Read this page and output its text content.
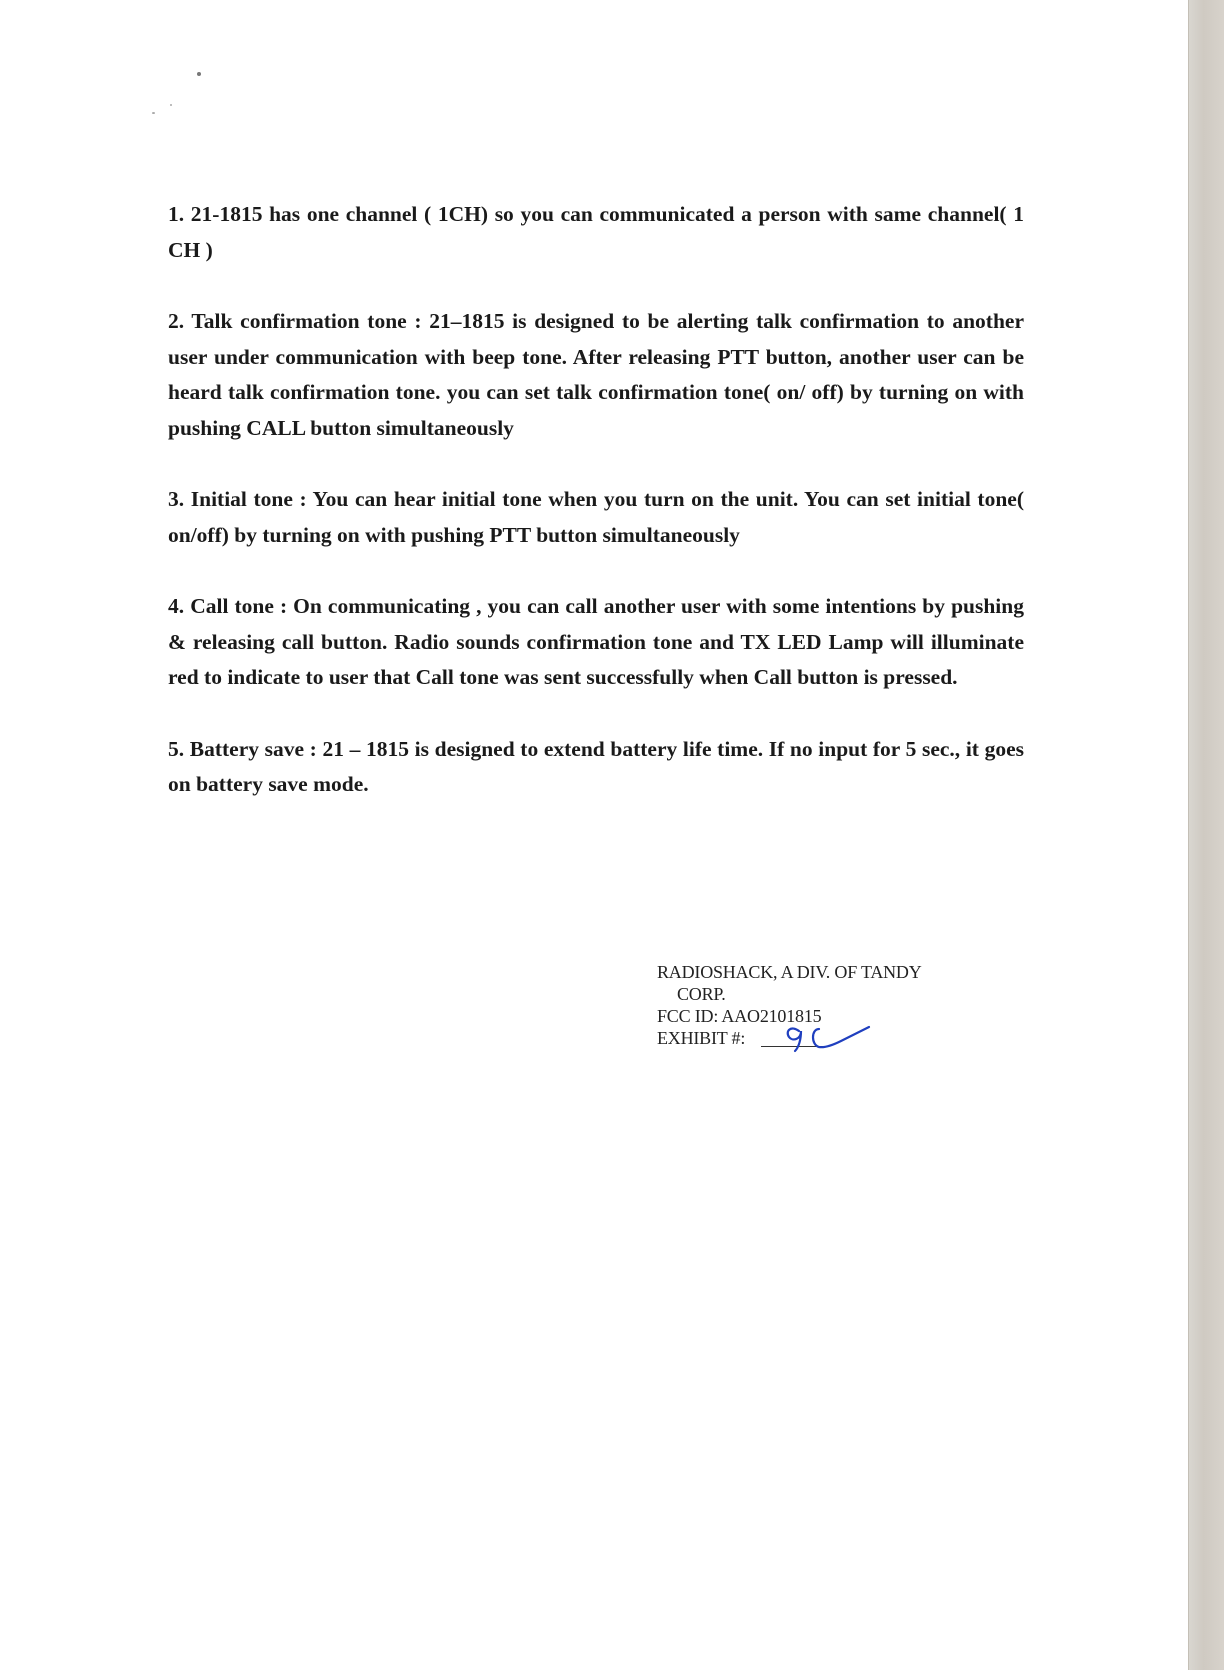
1. 21-1815 has one channel ( 1CH) so you can communicated a person with same channel( 1 CH )

2. Talk confirmation tone : 21–1815 is designed to be alerting talk confirmation to another user under communication with beep tone. After releasing PTT button, another user can be heard talk confirmation tone. you can set talk confirmation tone( on/ off) by turning on with pushing CALL button simultaneously

3. Initial tone : You can hear initial tone when you turn on the unit. You can set initial tone( on/off) by turning on with pushing PTT button simultaneously

4. Call tone : On communicating , you can call another user with some intentions by pushing & releasing call button. Radio sounds confirmation tone and TX LED Lamp will illuminate red to indicate to user that Call tone was sent successfully when Call button is pressed.

5. Battery save : 21 – 1815 is designed to extend battery life time. If no input for 5 sec., it goes on battery save mode.

RADIOSHACK, A DIV. OF TANDY
CORP.
FCC ID: AAO2101815
EXHIBIT #:
